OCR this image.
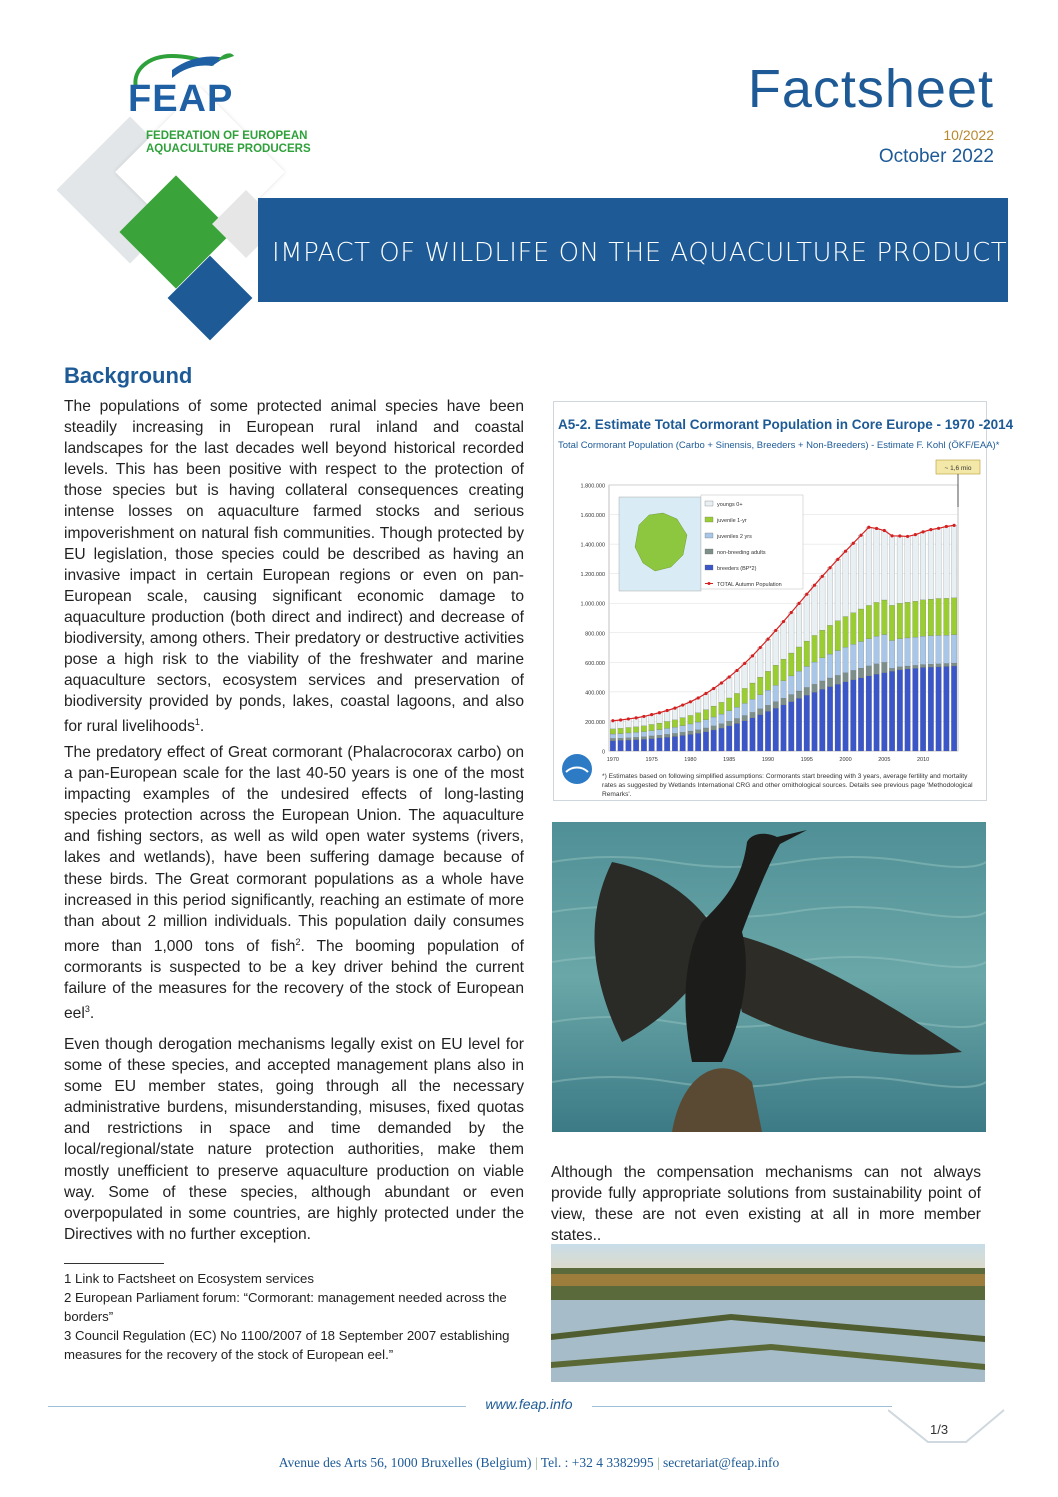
FEAP
FEDERATION OF EUROPEAN AQUACULTURE PRODUCERS
Factsheet
10/2022
October 2022
IMPACT OF WILDLIFE ON THE AQUACULTURE PRODUCTION
Background
The populations of some protected animal species have been steadily increasing in European rural inland and coastal landscapes for the last decades well beyond historical recorded levels. This has been positive with respect to the protection of those species but is having collateral consequences creating intense losses on aquaculture farmed stocks and serious impoverishment on natural fish communities. Though protected by EU legislation, those species could be described as having an invasive impact in certain European regions or even on pan-European scale, causing significant economic damage to aquaculture production (both direct and indirect) and decrease of biodiversity, among others. Their predatory or destructive activities pose a high risk to the viability of the freshwater and marine aquaculture sectors, ecosystem services and preservation of biodiversity provided by ponds, lakes, coastal lagoons, and also for rural livelihoods$^1$.
The predatory effect of Great cormorant (Phalacrocorax carbo) on a pan-European scale for the last 40-50 years is one of the most impacting examples of the undesired effects of long-lasting species protection across the European Union. The aquaculture and fishing sectors, as well as wild open water systems (rivers, lakes and wetlands), have been suffering damage because of these birds. The Great cormorant populations as a whole have increased in this period significantly, reaching an estimate of more than about 2 million individuals. This population daily consumes more than 1,000 tons of fish$^2$. The booming population of cormorants is suspected to be a key driver behind the current failure of the measures for the recovery of the stock of European eel$^3$.
Even though derogation mechanisms legally exist on EU level for some of these species, and accepted management plans also in some EU member states, going through all the necessary administrative burdens, misunderstanding, misuses, fixed quotas and restrictions in space and time demanded by the local/regional/state nature protection authorities, make them mostly unefficient to preserve aquaculture production on viable way. Some of these species, although abundant or even overpopulated in some countries, are highly protected under the Directives with no further exception.
1 Link to Factsheet on Ecosystem services
2 European Parliament forum: “Cormorant: management needed across the borders”
3 Council Regulation (EC) No 1100/2007 of 18 September 2007 establishing measures for the recovery of the stock of European eel.”
A5-2. Estimate Total Cormorant Population in Core Europe - 1970 -2014
Total Cormorant Population (Carbo + Sinensis, Breeders + Non-Breeders) - Estimate F. Kohl (ÖKF/EAA)*
0
200.000
400.000
600.000
800.000
1.000.000
1.200.000
1.400.000
1.600.000
1.800.000
1970	1975	1980	1985	1990	1995	2000	2005	2010
~ 1,6 mio
youngs 0+
juvenile 1-yr
juveniles 2 yrs
non-breeding adults
breeders (BP*2)
TOTAL Autumn Population
*) Estimates based on following simplified assumptions: Cormorants start breeding with 3 years, average fertility and mortality rates as suggested by Wetlands International CRG and other ornithological sources. Details see previous page 'Methodological Remarks'.
Although the compensation mechanisms can not always provide fully appropriate solutions from sustainability point of view, these are not even existing at all in more member states..
www.feap.info
1/3
Avenue des Arts 56, 1000 Bruxelles (Belgium) | Tel. : +32 4 3382995 | secretariat@feap.info
